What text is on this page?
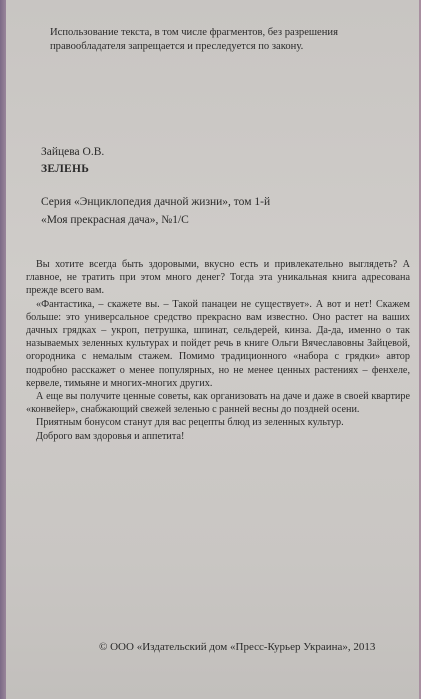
Использование текста, в том числе фрагментов, без разрешения правообладателя запрещается и преследуется по закону.
Зайцева О.В.
ЗЕЛЕНЬ
Серия «Энциклопедия дачной жизни», том 1-й
«Моя прекрасная дача», №1/С

Вы хотите всегда быть здоровыми, вкусно есть и привлекательно выглядеть? А главное, не тратить при этом много денег? Тогда эта уникальная книга адресована прежде всего вам.

«Фантастика, – скажете вы. – Такой панацеи не существует». А вот и нет! Скажем больше: это универсальное средство прекрасно вам известно. Оно растет на ваших дачных грядках – укроп, петрушка, шпинат, сельдерей, кинза. Да-да, именно о так называемых зеленных культурах и пойдет речь в книге Ольги Вячеславовны Зайцевой, огородника с немалым стажем. Помимо традиционного «набора с грядки» автор подробно расскажет о менее популярных, но не менее ценных растениях – фенхеле, кервеле, тимьяне и многих-многих других.

А еще вы получите ценные советы, как организовать на даче и даже в своей квартире «конвейер», снабжающий свежей зеленью с ранней весны до поздней осени.

Приятным бонусом станут для вас рецепты блюд из зеленных культур.

Доброго вам здоровья и аппетита!

© ООО «Издательский дом «Пресс-Курьер Украина», 2013
